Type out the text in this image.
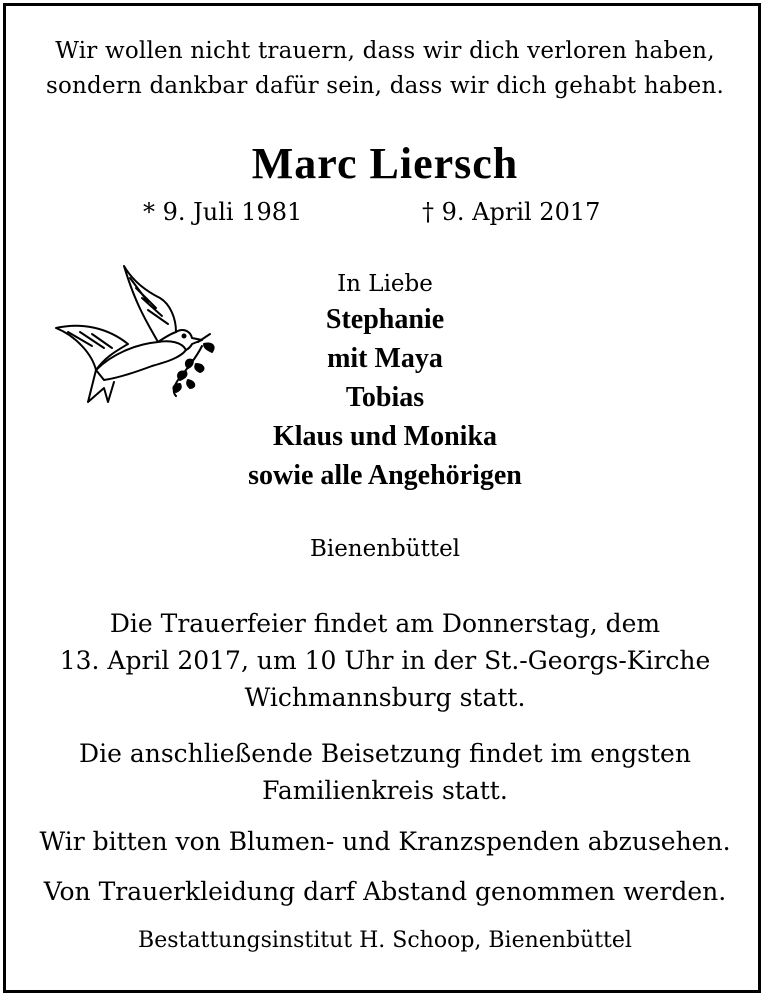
Wir wollen nicht trauern, dass wir dich verloren haben,
sondern dankbar dafür sein, dass wir dich gehabt haben.
Marc Liersch
* 9. Juli 1981	† 9. April 2017
In Liebe
Stephanie
mit Maya
Tobias
Klaus und Monika
sowie alle Angehörigen
Bienenbüttel
Die Trauerfeier findet am Donnerstag, dem
13. April 2017, um 10 Uhr in der St.-Georgs-Kirche
Wichmannsburg statt.
Die anschließende Beisetzung findet im engsten
Familienkreis statt.
Wir bitten von Blumen- und Kranzspenden abzusehen.
Von Trauerkleidung darf Abstand genommen werden.
Bestattungsinstitut H. Schoop, Bienenbüttel
